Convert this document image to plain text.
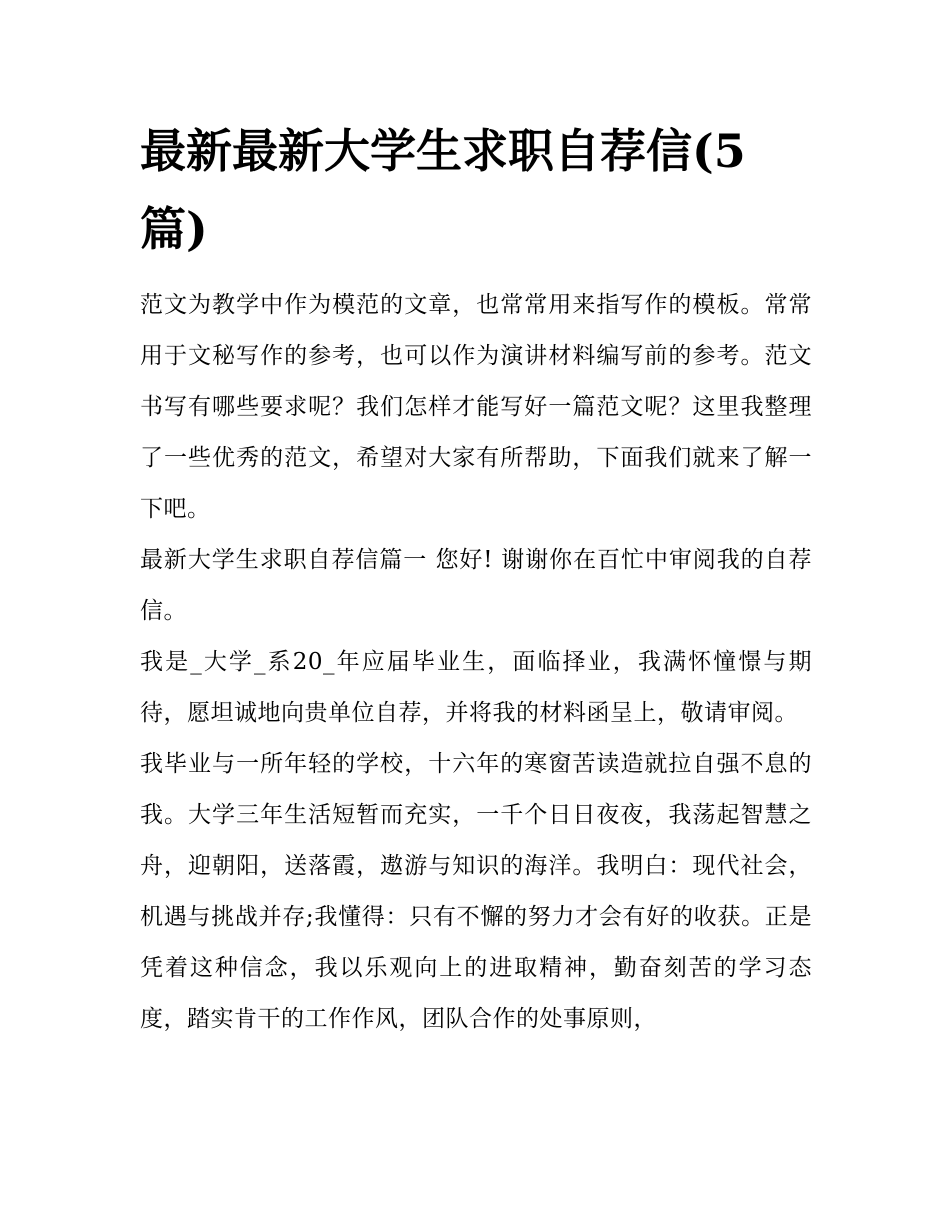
最新最新大学生求职自荐信(5篇)

范文为教学中作为模范的文章，也常常用来指写作的模板。常常用于文秘写作的参考，也可以作为演讲材料编写前的参考。范文书写有哪些要求呢？我们怎样才能写好一篇范文呢？这里我整理了一些优秀的范文，希望对大家有所帮助，下面我们就来了解一下吧。

最新大学生求职自荐信篇一 您好! 谢谢你在百忙中审阅我的自荐信。

我是_大学_系20_年应届毕业生，面临择业，我满怀憧憬与期待，愿坦诚地向贵单位自荐，并将我的材料函呈上，敬请审阅。

我毕业与一所年轻的学校，十六年的寒窗苦读造就拉自强不息的我。大学三年生活短暂而充实，一千个日日夜夜，我荡起智慧之舟，迎朝阳，送落霞，遨游与知识的海洋。我明白：现代社会，机遇与挑战并存;我懂得：只有不懈的努力才会有好的收获。正是凭着这种信念，我以乐观向上的进取精神，勤奋刻苦的学习态度，踏实肯干的工作作风，团队合作的处事原则，
